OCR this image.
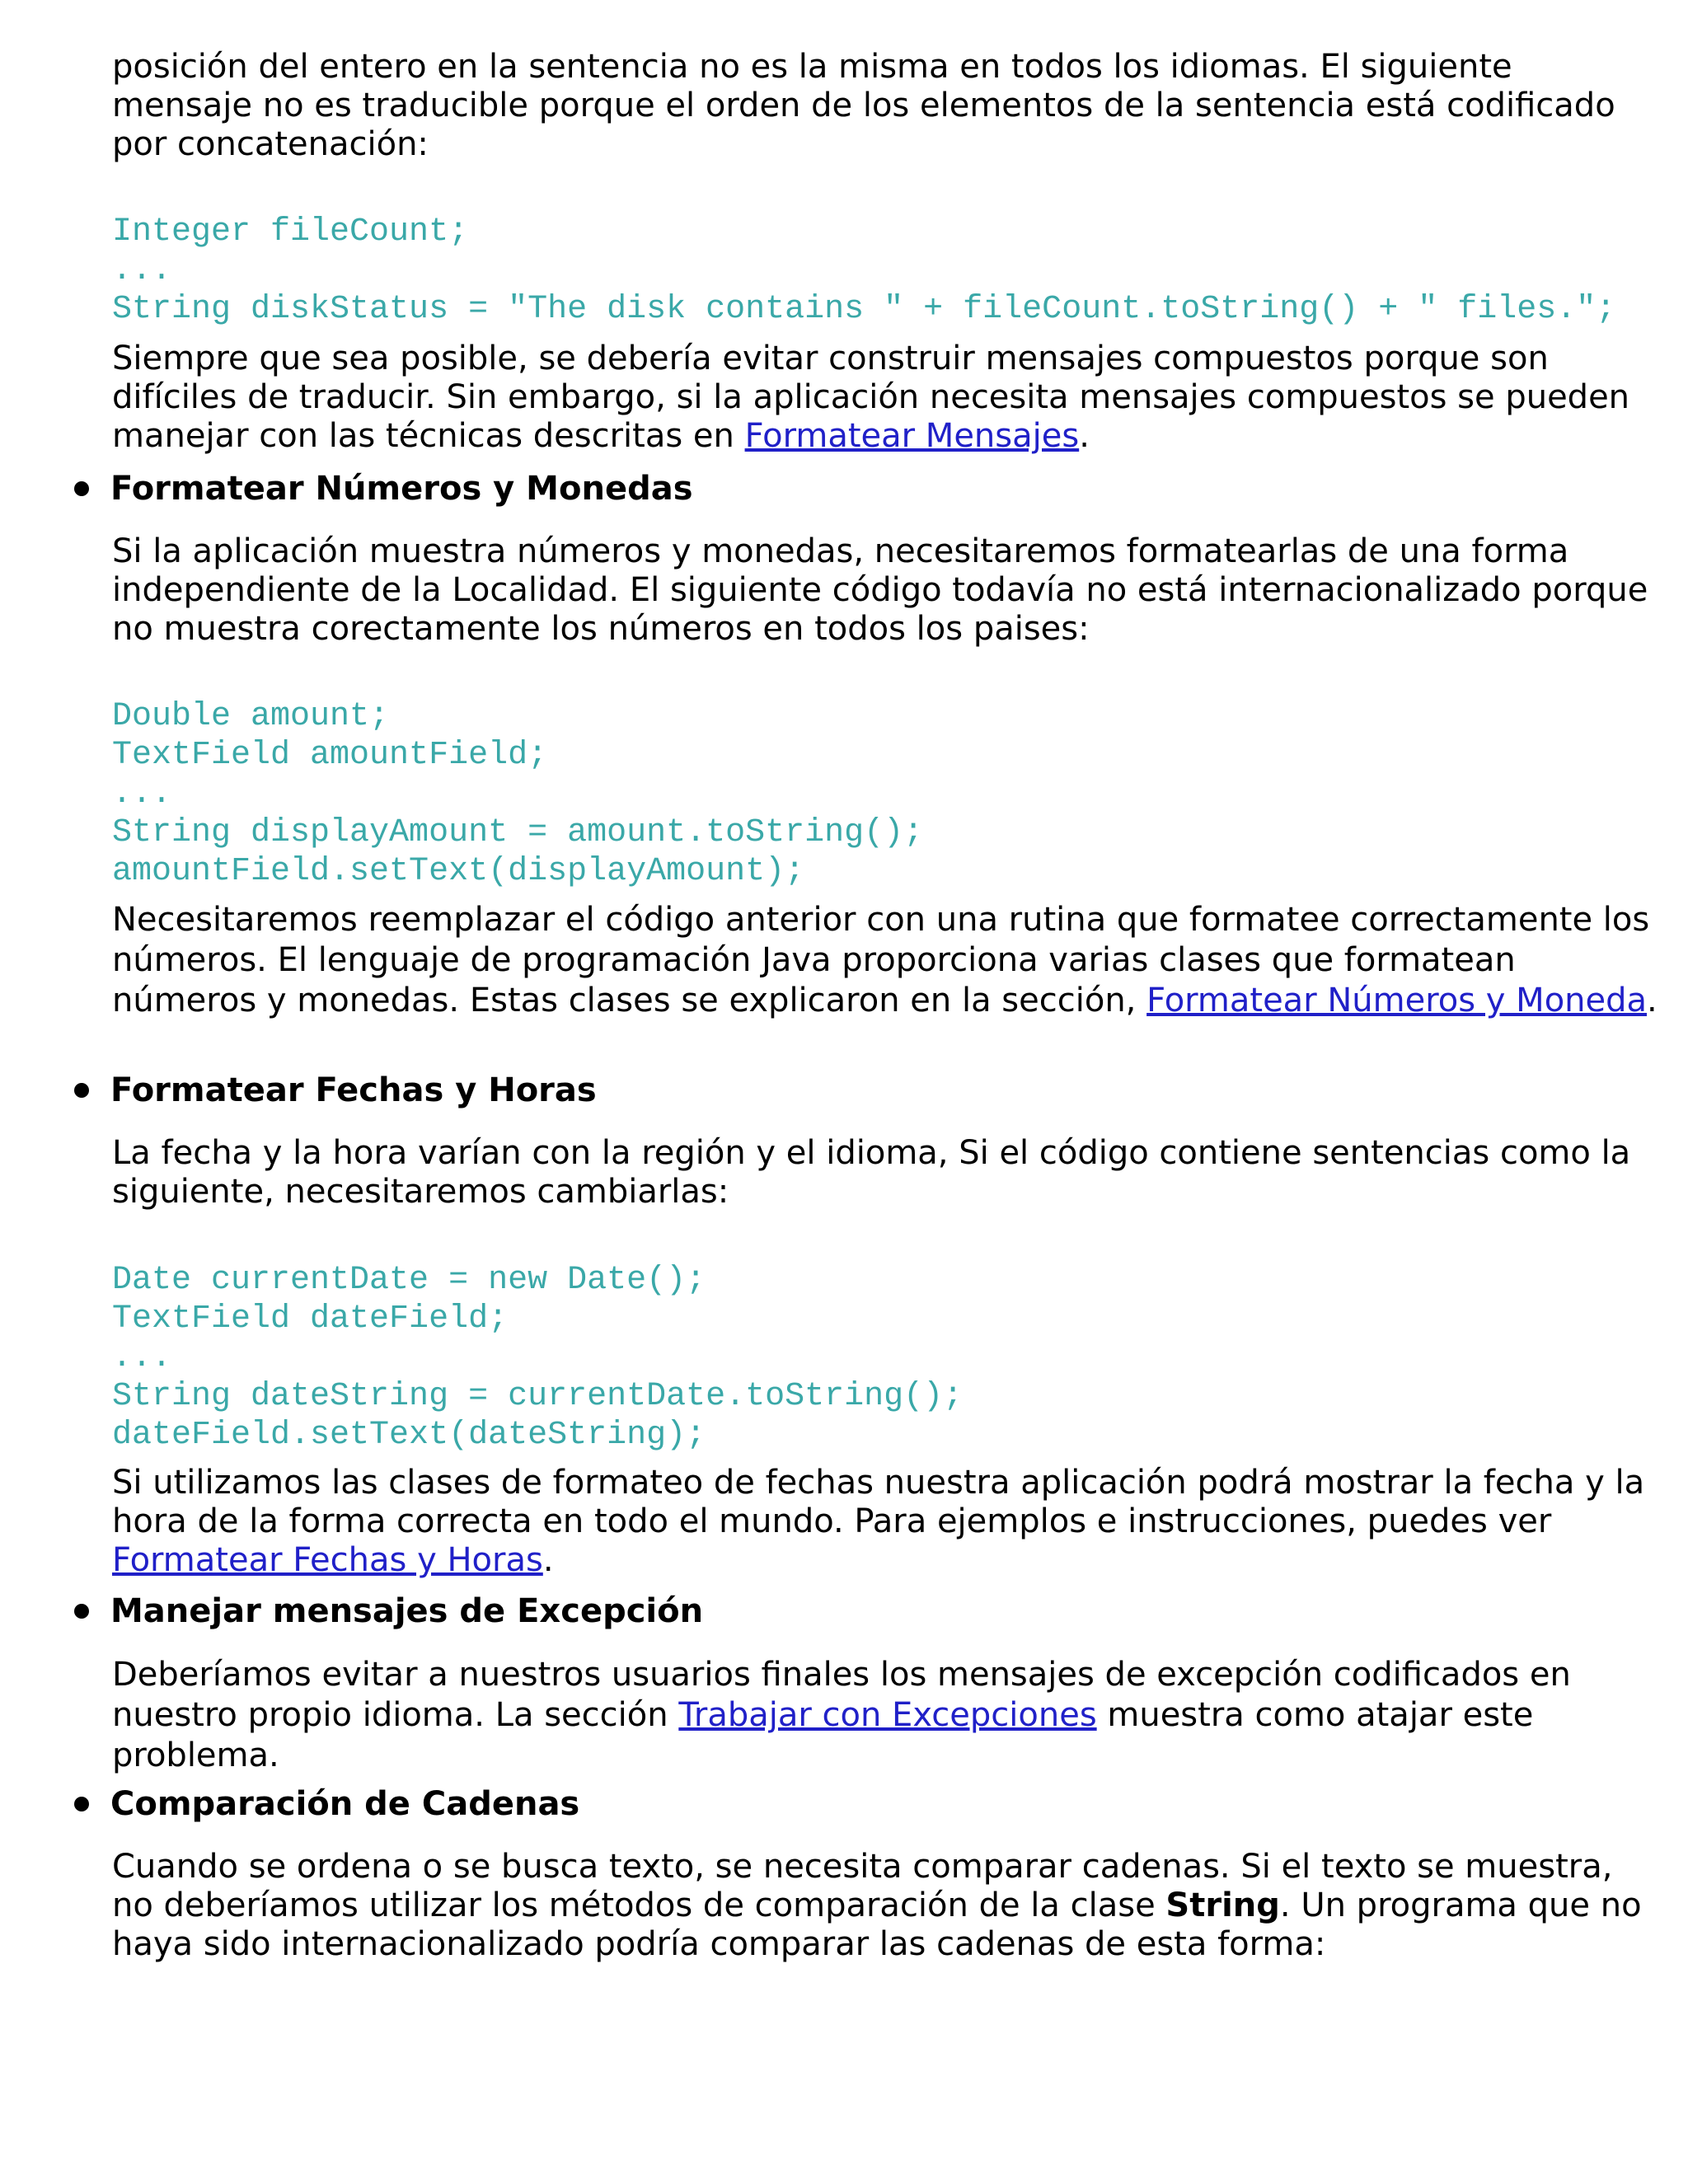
posición del entero en la sentencia no es la misma en todos los idiomas. El siguiente mensaje no es traducible porque el orden de los elementos de la sentencia está codificado por concatenación:

Integer fileCount;
...
String diskStatus = "The disk contains " + fileCount.toString() + " files.";

Siempre que sea posible, se debería evitar construir mensajes compuestos porque son difíciles de traducir. Sin embargo, si la aplicación necesita mensajes compuestos se pueden manejar con las técnicas descritas en Formatear Mensajes.

Formatear Números y Monedas

Si la aplicación muestra números y monedas, necesitaremos formatearlas de una forma independiente de la Localidad. El siguiente código todavía no está internacionalizado porque no muestra corectamente los números en todos los paises:

Double amount;
TextField amountField;
...
String displayAmount = amount.toString();
amountField.setText(displayAmount);

Necesitaremos reemplazar el código anterior con una rutina que formatee correctamente los números. El lenguaje de programación Java proporciona varias clases que formatean números y monedas. Estas clases se explicaron en la sección, Formatear Números y Moneda.

Formatear Fechas y Horas

La fecha y la hora varían con la región y el idioma, Si el código contiene sentencias como la siguiente, necesitaremos cambiarlas:

Date currentDate = new Date();
TextField dateField;
...
String dateString = currentDate.toString();
dateField.setText(dateString);

Si utilizamos las clases de formateo de fechas nuestra aplicación podrá mostrar la fecha y la hora de la forma correcta en todo el mundo. Para ejemplos e instrucciones, puedes ver Formatear Fechas y Horas.

Manejar mensajes de Excepción

Deberíamos evitar a nuestros usuarios finales los mensajes de excepción codificados en nuestro propio idioma. La sección Trabajar con Excepciones muestra como atajar este problema.

Comparación de Cadenas

Cuando se ordena o se busca texto, se necesita comparar cadenas. Si el texto se muestra, no deberíamos utilizar los métodos de comparación de la clase String. Un programa que no haya sido internacionalizado podría comparar las cadenas de esta forma:
